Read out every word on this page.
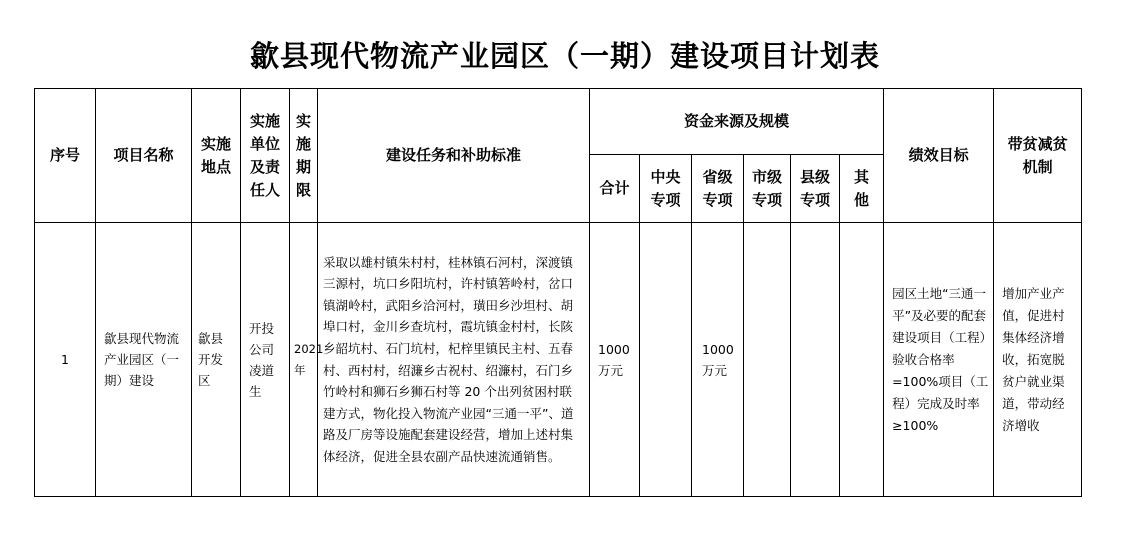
歙县现代物流产业园区（一期）建设项目计划表
序号	项目名称	实施地点	实施单位及责任人	实施期限	建设任务和补助标准	资金来源及规模						绩效目标	带贫减贫机制
						合计	中央专项	省级专项	市级专项	县级专项	其他		
1	歙县现代物流产业园区（一期）建设	歙县开发区	开投公司凌道生	2021年	采取以雄村镇朱村村，桂林镇石河村，深渡镇三源村，坑口乡阳坑村，许村镇箬岭村，岔口镇湖岭村，武阳乡洽河村，璜田乡沙坦村、胡埠口村，金川乡查坑村，霞坑镇金村村，长陔乡韶坑村、石门坑村，杞梓里镇民主村、五春村、西村村，绍濂乡古祝村、绍濂村，石门乡竹岭村和狮石乡狮石村等 20 个出列贫困村联建方式，物化投入物流产业园“三通一平”、道路及厂房等设施配套建设经营，增加上述村集体经济，促进全县农副产品快速流通销售。	1000万元		1000万元				园区土地“三通一平”及必要的配套建设项目（工程）验收合格率=100%项目（工程）完成及时率≥100%	增加产业产值，促进村集体经济增收，拓宽脱贫户就业渠道，带动经济增收
